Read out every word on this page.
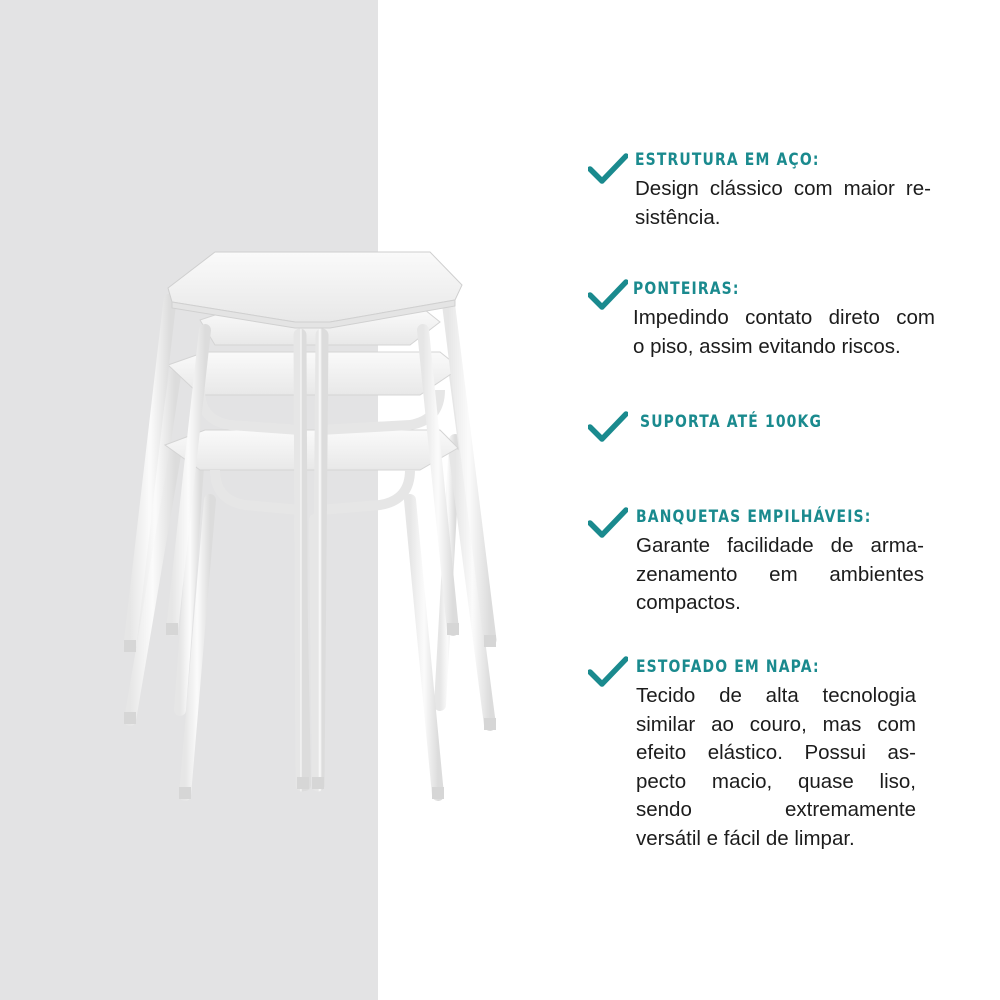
ESTRUTURA EM AÇO:
Design clássico com maior re-
sistência.
PONTEIRAS:
Impedindo contato direto com
o piso, assim evitando riscos.
SUPORTA ATÉ 100KG
BANQUETAS EMPILHÁVEIS:
Garante facilidade de arma-
zenamento em ambientes
compactos.
ESTOFADO EM NAPA:
Tecido de alta tecnologia
similar ao couro, mas com
efeito elástico. Possui as-
pecto macio, quase liso,
sendo extremamente
versátil e fácil de limpar.
